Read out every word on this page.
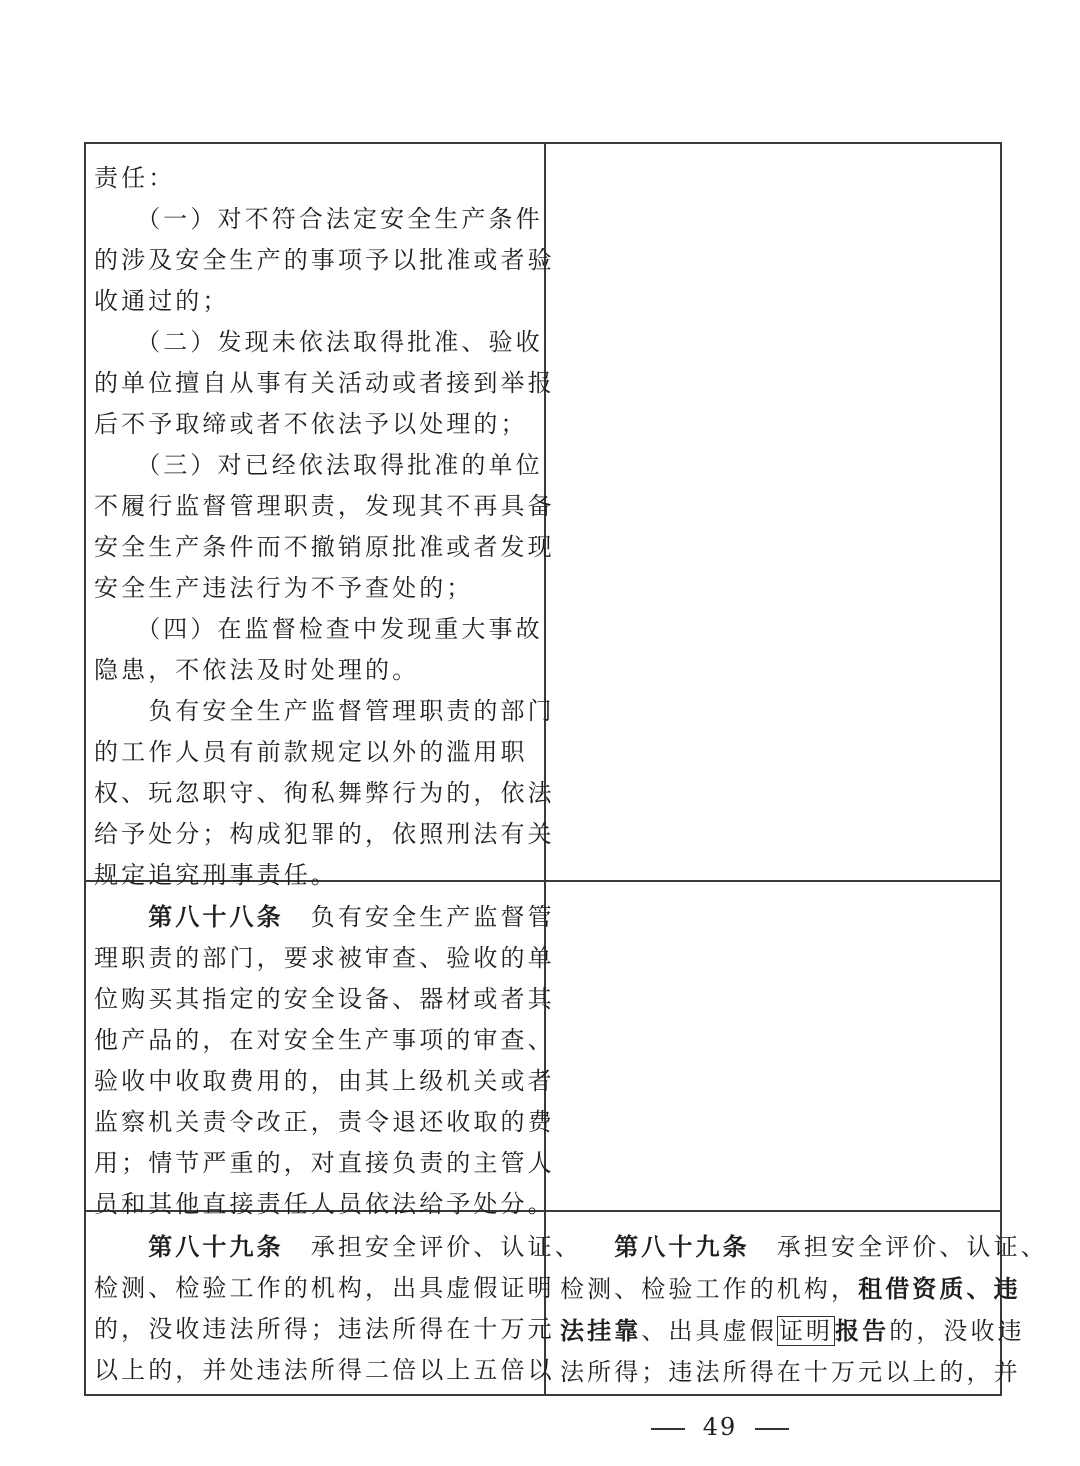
责任：

　　（一）对不符合法定安全生产条件

的涉及安全生产的事项予以批准或者验

收通过的；

　　（二）发现未依法取得批准、验收

的单位擅自从事有关活动或者接到举报

后不予取缔或者不依法予以处理的；

　　（三）对已经依法取得批准的单位

不履行监督管理职责，发现其不再具备

安全生产条件而不撤销原批准或者发现

安全生产违法行为不予查处的；

　　（四）在监督检查中发现重大事故

隐患，不依法及时处理的。

　　负有安全生产监督管理职责的部门

的工作人员有前款规定以外的滥用职

权、玩忽职守、徇私舞弊行为的，依法

给予处分；构成犯罪的，依照刑法有关

规定追究刑事责任。

　　第八十八条　负有安全生产监督管

理职责的部门，要求被审查、验收的单

位购买其指定的安全设备、器材或者其

他产品的，在对安全生产事项的审查、

验收中收取费用的，由其上级机关或者

监察机关责令改正，责令退还收取的费

用；情节严重的，对直接负责的主管人

员和其他直接责任人员依法给予处分。

　　第八十九条　承担安全评价、认证、

检测、检验工作的机构，出具虚假证明

的，没收违法所得；违法所得在十万元

以上的，并处违法所得二倍以上五倍以

　　第八十九条　承担安全评价、认证、

检测、检验工作的机构，租借资质、违

法挂靠、出具虚假证明报告的，没收违

法所得；违法所得在十万元以上的，并

49
